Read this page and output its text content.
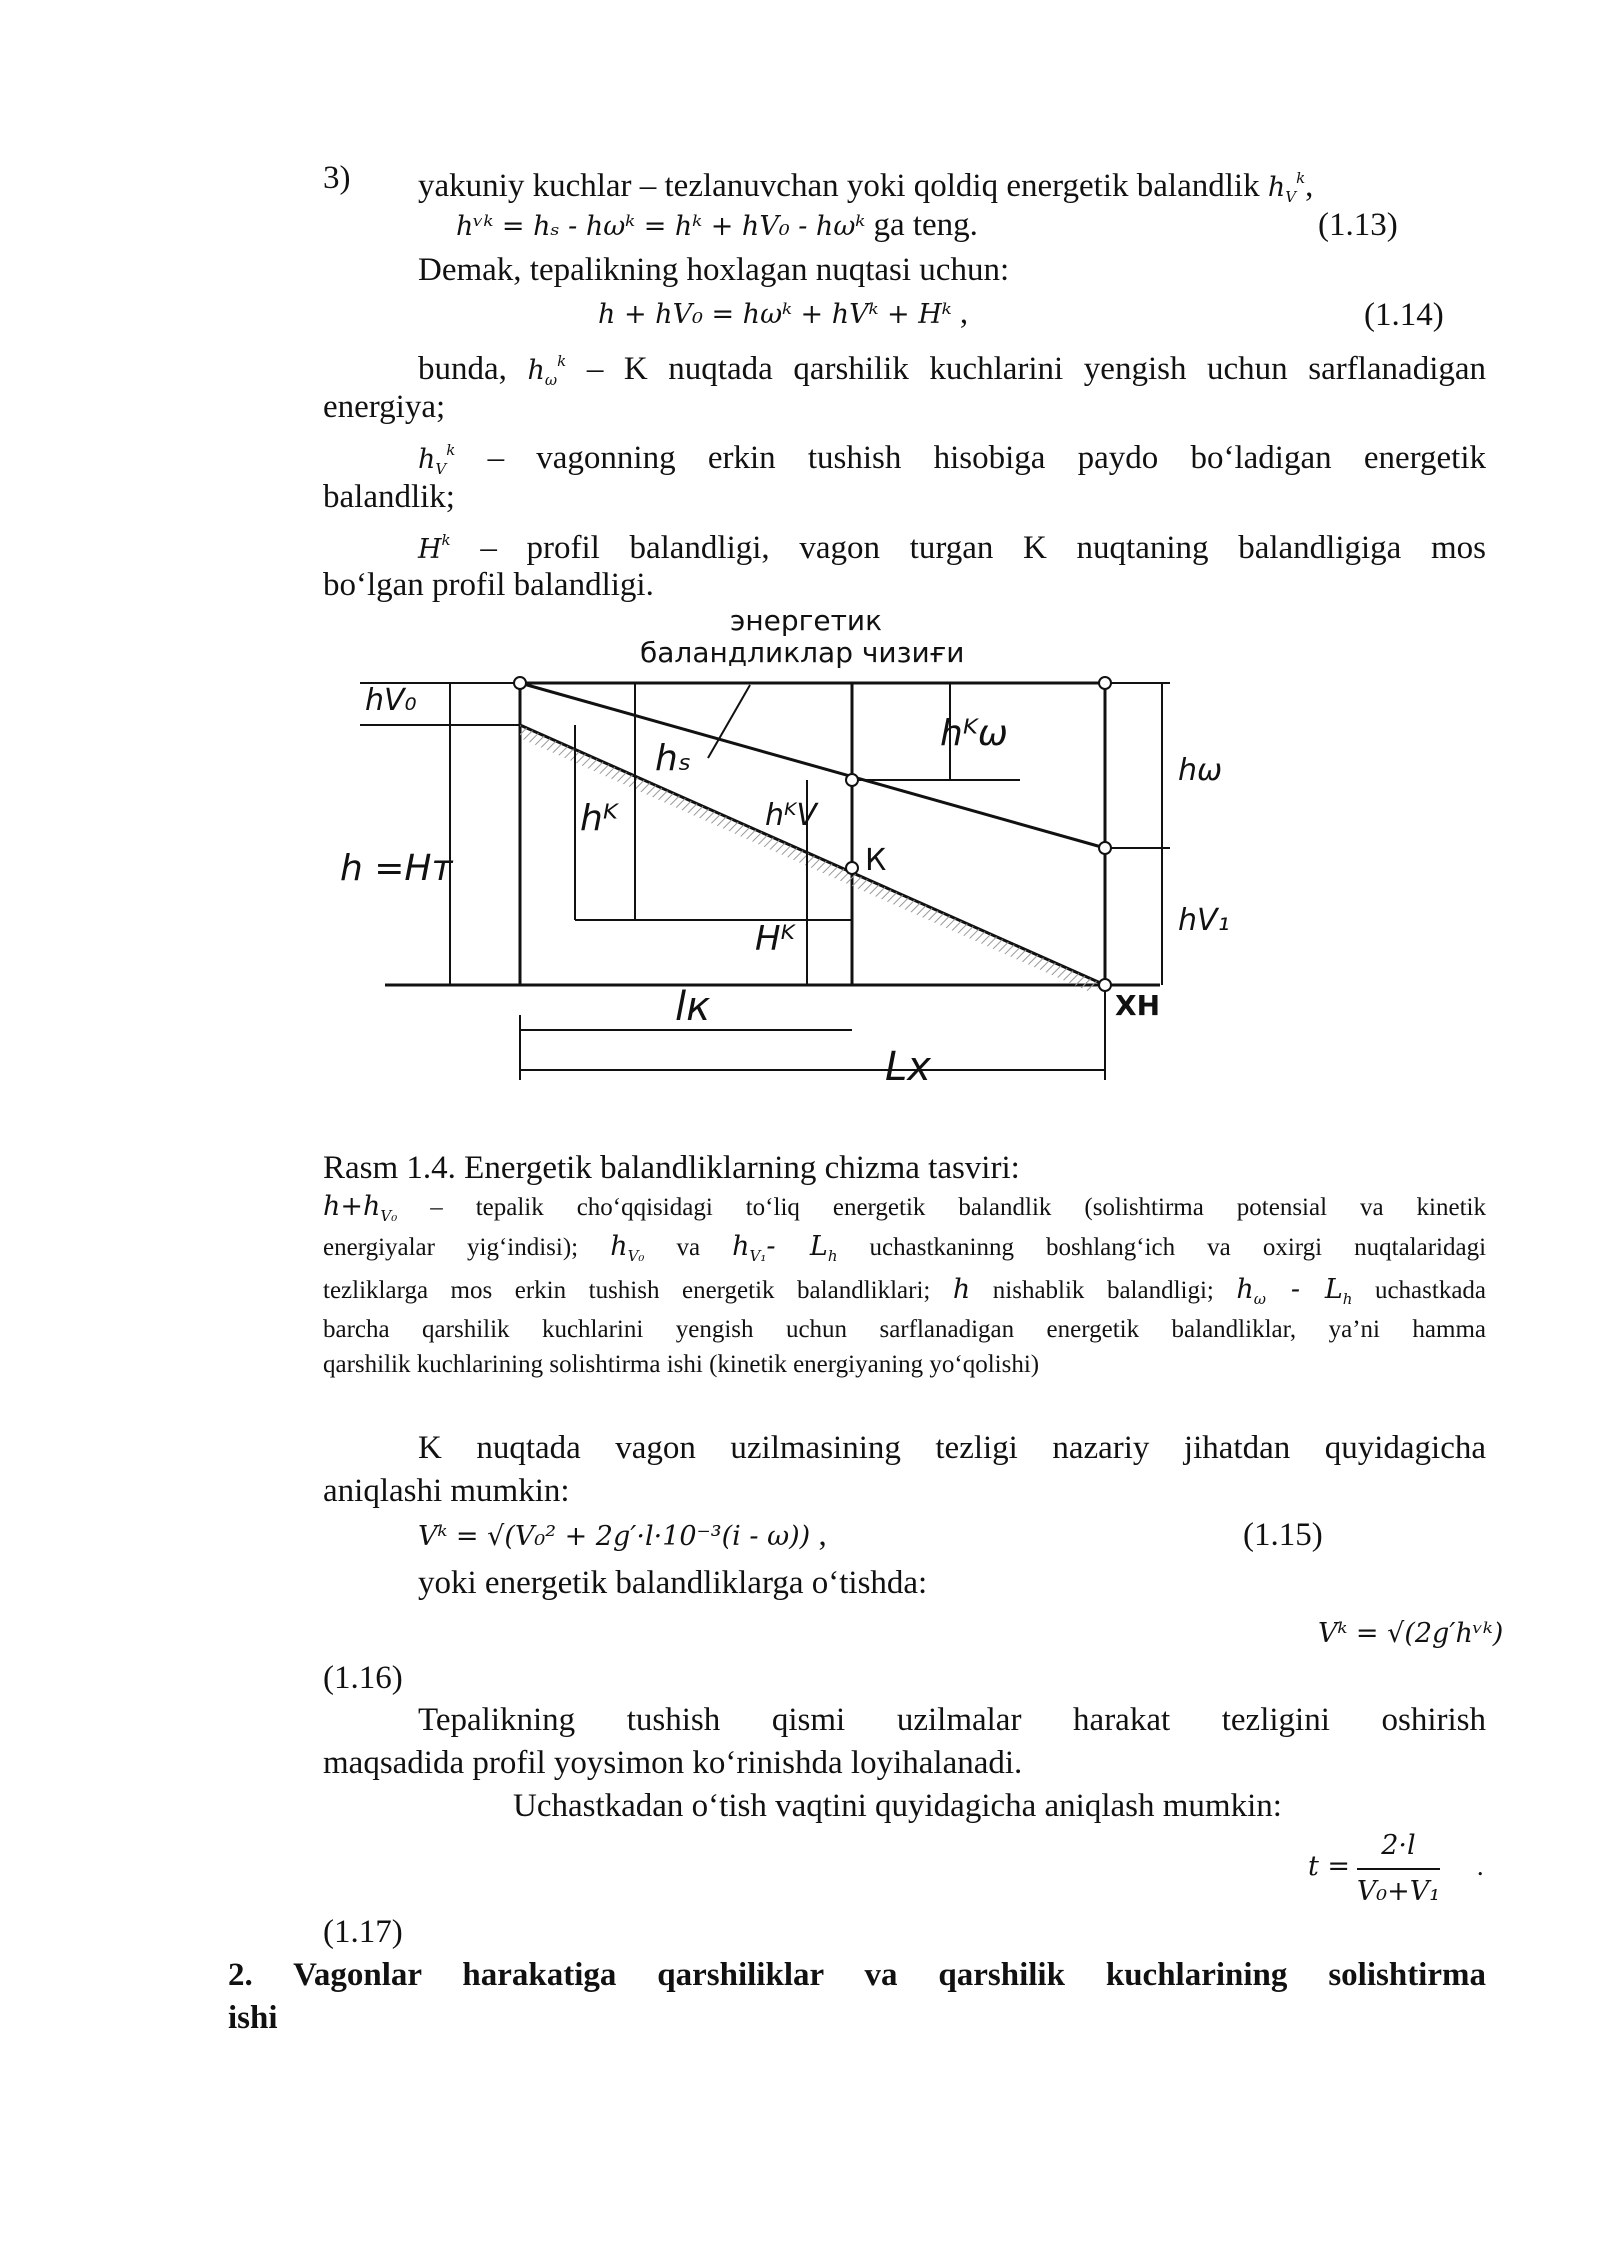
3) yakuniy kuchlar – tezlanuvchan yoki qoldiq energetik balandlik $h_V^k$,
hᵛᵏ = hₛ - hωᵏ = hᵏ + hV₀ - hωᵏ ga teng.	(1.13)
Demak, tepalikning hoxlagan nuqtasi uchun:
h + hV₀ = hωᵏ + hVᵏ + Hᵏ ,	(1.14)
bunda, $h_\omega^k$ – K nuqtada qarshilik kuchlarini yengish uchun sarflanadigan
energiya;
$h_V^k$ – vagonning erkin tushish hisobiga paydo bo‘ladigan energetik
balandlik;
$H^k$ – profil balandligi, vagon turgan K nuqtaning balandligiga mos
bo‘lgan profil balandligi.
энергетик
баландликлар чизиғи
hV₀
h =Hт
hₛ
hᴷ
hᴷω
hᴷV
Hᴷ
К
hω
hV₁
ХН
lк
Lх
Rasm 1.4. Energetik balandliklarning chizma tasviri:
$h+h_{V_0}$ – tepalik cho‘qqisidagi to‘liq energetik balandlik (solishtirma potensial va kinetik
energiyalar yig‘indisi); $h_{V_0}$ va $h_{V_1}-$ $L_h$ uchastkaninng boshlang‘ich va oxirgi nuqtalaridagi
tezliklarga mos erkin tushish energetik balandliklari; h nishablik balandligi; $h_\omega - L_h$ uchastkada
barcha qarshilik kuchlarini yengish uchun sarflanadigan energetik balandliklar, ya’ni hamma
qarshilik kuchlarining solishtirma ishi (kinetik energiyaning yo‘qolishi)
K nuqtada vagon uzilmasining tezligi nazariy jihatdan quyidagicha
aniqlashi mumkin:
Vᵏ = √(V₀² + 2g′·l·10⁻³(i - ω)) ,	(1.15)
yoki energetik balandliklarga o‘tishda:
Vᵏ = √(2g′hᵛᵏ)
(1.16)
Tepalikning tushish qismi uzilmalar harakat tezligini oshirish
maqsadida profil yoysimon ko‘rinishda loyihalanadi.
Uchastkadan o‘tish vaqtini quyidagicha aniqlash mumkin:
$t = \frac{2\cdot l}{\text{V₀+V₁}}$ .
(1.17)
2. Vagonlar harakatiga qarshiliklar va qarshilik kuchlarining solishtirma
ishi
